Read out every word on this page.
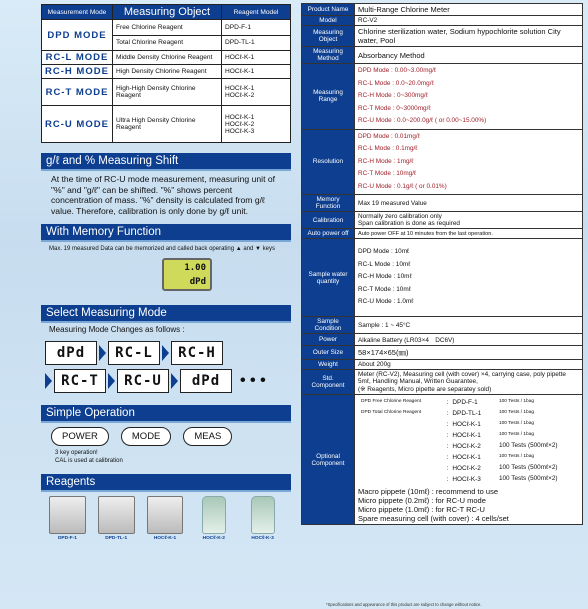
Measurement Mode	Measuring Object	Reagent Model
DPD MODE	Free Chlorine Reagent	DPD-F-1
	Total Chlorine Reagent	DPD-TL-1
RC-L MODE	Middle Density Chlorine Reagent	HOCℓ-K-1
RC-H MODE	High Density Chlorine Reagent	HOCℓ-K-1
RC-T MODE	High-High Density Chlorine Reagent	HOCℓ-K-1
HOCℓ-K-2

RC-U MODE	Ultra High Density Chlorine Reagent	HOCℓ-K-1
HOCℓ-K-2
HOCℓ-K-3
g/ℓ and % Measuring Shift
At the time of RC-U mode measurement, measuring unit of "%" and "g/ℓ" can be shifted. "%" shows percent concentration of mass. "%" density is calculated from g/ℓ value. Therefore, calibration is only done by g/ℓ unit.
With Memory Function
Max. 19 measured Data can be memorized and called back operating ▲ and ▼ keys
1.00
dPd
Select Measuring Mode
Measuring Mode Changes as follows :
dPd	RC-L	RC-H
RC-T	RC-U	dPd	• • •
Simple Operation
POWER	MODE	MEAS
3 key operation!
CAL is used at calibration
Reagents
DPD-F-1	DPD-TL-1	HOCℓ-K-1	HOCℓ-K-2	HOCℓ-K-3
Product Name	Multi-Range Chlorine Meter
Model	RC-V2
Measuring Object	Chlorine sterilization water, Sodium hypochlorite solution City water, Pool
Measuring Method	Absorbancy Method
Measuring Range	
DPD Mode : 0.00~3.00mg/ℓ
RC-L Mode : 0.0~20.0mg/ℓ
RC-H Mode : 0~300mg/ℓ
RC-T Mode : 0~3000mg/ℓ
RC-U Mode : 0.0~200.0g/ℓ ( or 0.00~15.00%)

Resolution	
DPD Mode : 0.01mg/ℓ
RC-L Mode : 0.1mg/ℓ
RC-H Mode : 1mg/ℓ
RC-T Mode : 10mg/ℓ
RC-U Mode : 0.1g/ℓ ( or 0.01%)

Memory Function	Max 19 measured Value
Calibration	Normally zero calibration only
Span calibration is done as required
Auto power off	Auto power OFF at 10 minutes from the last operation.
Sample water quantity	
DPD Mode : 10mℓ
RC-L Mode : 10mℓ
RC-H Mode : 10mℓ
RC-T Mode : 10mℓ
RC-U Mode : 1.0mℓ

Sample Condition	Sample : 1 ~ 45°C
Power	Alkaline Battery (LR03×4　DC6V)
Outer Size	58×174×65(㎜)
Weight	About 200g
Std. Component	Meter (RC-V2), Measuring cell (with cover) ×4, carrying case, poly pipette 5mℓ, Handling Manual, Written Guarantee,
(※ Reagents, Micro pipette are separatey sold)
Optional Component	
DPD Free Chlorine Reagent	：DPD-F-1	100 Tests / 1bag
DPD Total Chlorine Reagent	：DPD-TL-1	100 Tests / 1bag
	：HOCℓ-K-1	100 Tests / 1bag
	：HOCℓ-K-1	100 Tests / 1bag
	：HOCℓ-K-2	100 Tests (500mℓ×2)
	：HOCℓ-K-1	100 Tests / 1bag
	：HOCℓ-K-2	100 Tests (500mℓ×2)
	：HOCℓ-K-3	100 Tests (500mℓ×2)
Macro pippete (10mℓ) : recommend to use
Micro pippete (0.2mℓ) : for RC-U mode
Micro pippete (1.0mℓ) : for RC-T RC-U
Spare measuring cell (with cover) : 4 cells/set
*Specifications and appearance of this product are subject to change without notice.
